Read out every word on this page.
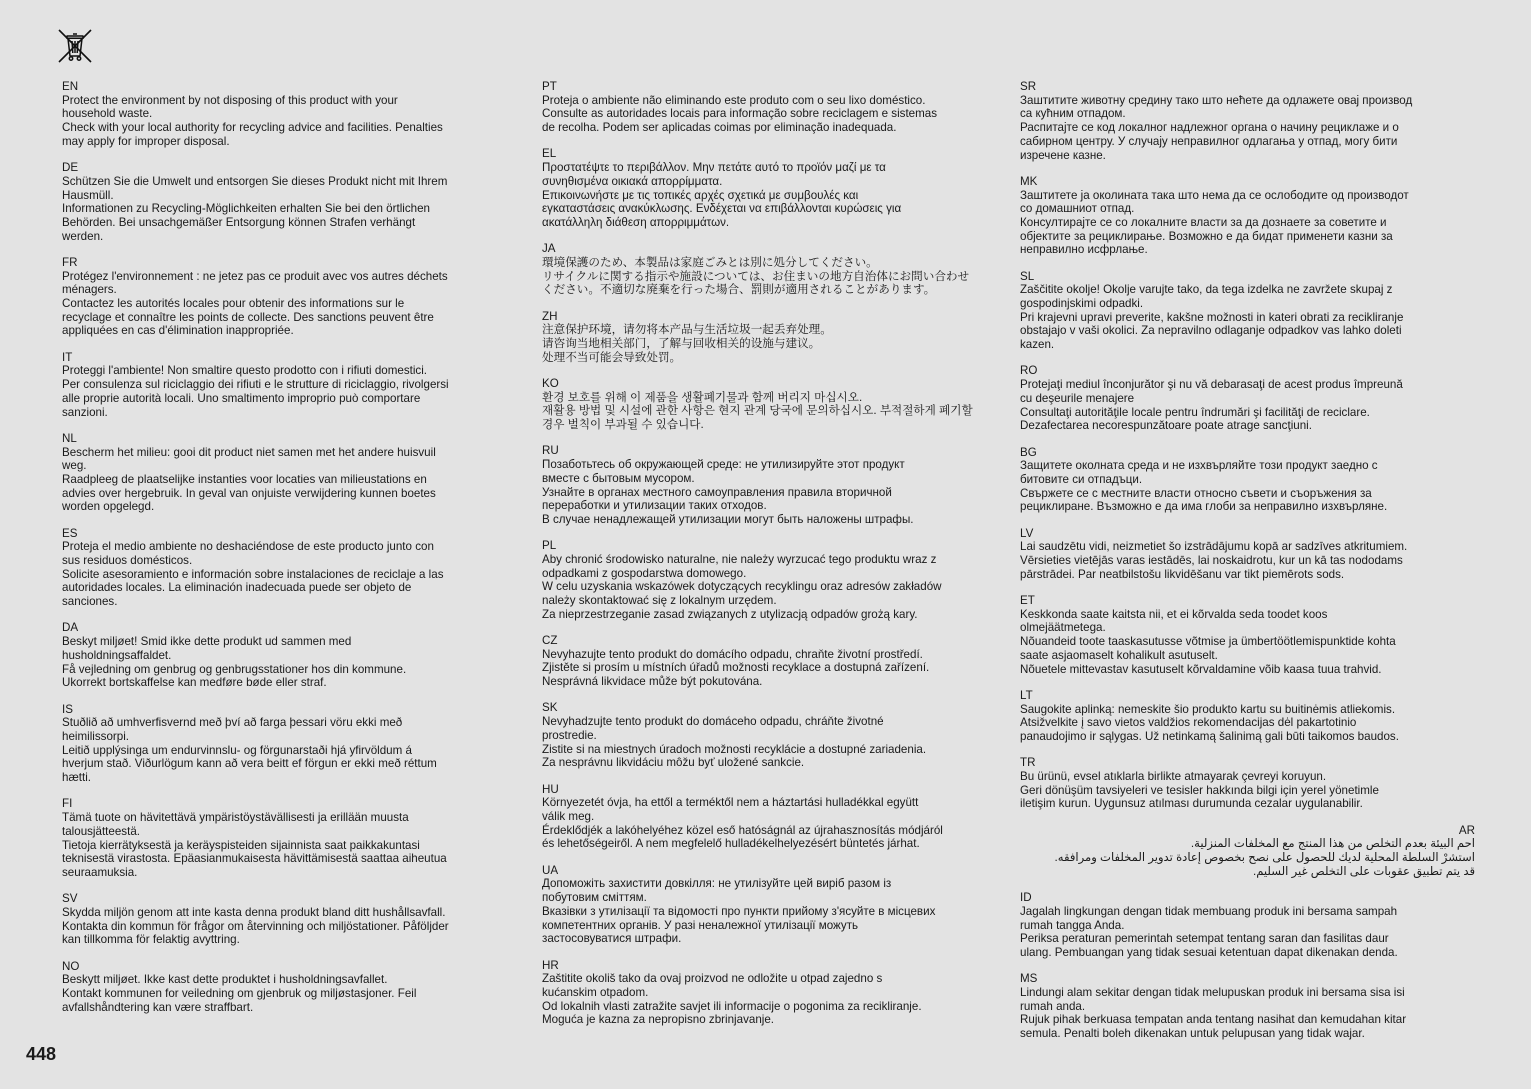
EN
Protect the environment by not disposing of this product with your
household waste.
Check with your local authority for recycling advice and facilities. Penalties
may apply for improper disposal.
DE
Schützen Sie die Umwelt und entsorgen Sie dieses Produkt nicht mit Ihrem
Hausmüll.
Informationen zu Recycling-Möglichkeiten erhalten Sie bei den örtlichen
Behörden. Bei unsachgemäßer Entsorgung können Strafen verhängt
werden.
FR
Protégez l'environnement : ne jetez pas ce produit avec vos autres déchets
ménagers.
Contactez les autorités locales pour obtenir des informations sur le
recyclage et connaître les points de collecte. Des sanctions peuvent être
appliquées en cas d'élimination inappropriée.
IT
Proteggi l'ambiente! Non smaltire questo prodotto con i rifiuti domestici.
Per consulenza sul riciclaggio dei rifiuti e le strutture di riciclaggio, rivolgersi
alle proprie autorità locali. Uno smaltimento improprio può comportare
sanzioni.
NL
Bescherm het milieu: gooi dit product niet samen met het andere huisvuil
weg.
Raadpleeg de plaatselijke instanties voor locaties van milieustations en
advies over hergebruik. In geval van onjuiste verwijdering kunnen boetes
worden opgelegd.
ES
Proteja el medio ambiente no deshaciéndose de este producto junto con
sus residuos domésticos.
Solicite asesoramiento e información sobre instalaciones de reciclaje a las
autoridades locales. La eliminación inadecuada puede ser objeto de
sanciones.
DA
Beskyt miljøet! Smid ikke dette produkt ud sammen med
husholdningsaffaldet.
Få vejledning om genbrug og genbrugsstationer hos din kommune.
Ukorrekt bortskaffelse kan medføre bøde eller straf.
IS
Stuðlið að umhverfisvernd með því að farga þessari vöru ekki með
heimilissorpi.
Leitið upplýsinga um endurvinnslu- og förgunarstaði hjá yfirvöldum á
hverjum stað. Viðurlögum kann að vera beitt ef förgun er ekki með réttum
hætti.
FI
Tämä tuote on hävitettävä ympäristöystävällisesti ja erillään muusta
talousjätteestä.
Tietoja kierrätyksestä ja keräyspisteiden sijainnista saat paikkakuntasi
teknisestä virastosta. Epäasianmukaisesta hävittämisestä saattaa aiheutua
seuraamuksia.
SV
Skydda miljön genom att inte kasta denna produkt bland ditt hushållsavfall.
Kontakta din kommun för frågor om återvinning och miljöstationer. Påföljder
kan tillkomma för felaktig avyttring.
NO
Beskytt miljøet. Ikke kast dette produktet i husholdningsavfallet.
Kontakt kommunen for veiledning om gjenbruk og miljøstasjoner. Feil
avfallshåndtering kan være straffbart.
PT
Proteja o ambiente não eliminando este produto com o seu lixo doméstico.
Consulte as autoridades locais para informação sobre reciclagem e sistemas
de recolha. Podem ser aplicadas coimas por eliminação inadequada.
EL
Προστατέψτε το περιβάλλον. Μην πετάτε αυτό το προϊόν μαζί με τα
συνηθισμένα οικιακά απορρίμματα.
Επικοινωνήστε με τις τοπικές αρχές σχετικά με συμβουλές και
εγκαταστάσεις ανακύκλωσης. Ενδέχεται να επιβάλλονται κυρώσεις για
ακατάλληλη διάθεση απορριμμάτων.
JA
環境保護のため、本製品は家庭ごみとは別に処分してください。
リサイクルに関する指示や施設については、お住まいの地方自治体にお問い合わせ
ください。不適切な廃棄を行った場合、罰則が適用されることがあります。
ZH
注意保护环境，请勿将本产品与生活垃圾一起丢弃处理。
请咨询当地相关部门，了解与回收相关的设施与建议。
处理不当可能会导致处罚。
KO
환경 보호를 위해 이 제품을 생활폐기물과 함께 버리지 마십시오.
재활용 방법 및 시설에 관한 사항은 현지 관계 당국에 문의하십시오. 부적절하게 폐기할
경우 벌칙이 부과될 수 있습니다.
RU
Позаботьтесь об окружающей среде: не утилизируйте этот продукт
вместе с бытовым мусором.
Узнайте в органах местного самоуправления правила вторичной
переработки и утилизации таких отходов.
В случае ненадлежащей утилизации могут быть наложены штрафы.
PL
Aby chronić środowisko naturalne, nie należy wyrzucać tego produktu wraz z
odpadkami z gospodarstwa domowego.
W celu uzyskania wskazówek dotyczących recyklingu oraz adresów zakładów
należy skontaktować się z lokalnym urzędem.
Za nieprzestrzeganie zasad związanych z utylizacją odpadów grożą kary.
CZ
Nevyhazujte tento produkt do domácího odpadu, chraňte životní prostředí.
Zjistěte si prosím u místních úřadů možnosti recyklace a dostupná zařízení.
Nesprávná likvidace může být pokutována.
SK
Nevyhadzujte tento produkt do domáceho odpadu, chráňte životné
prostredie.
Zistite si na miestnych úradoch možnosti recyklácie a dostupné zariadenia.
Za nesprávnu likvidáciu môžu byť uložené sankcie.
HU
Környezetét óvja, ha ettől a terméktől nem a háztartási hulladékkal együtt
válik meg.
Érdeklődjék a lakóhelyéhez közel eső hatóságnál az újrahasznosítás módjáról
és lehetőségeiről. A nem megfelelő hulladékelhelyezésért büntetés járhat.
UA
Допоможіть захистити довкілля: не утилізуйте цей виріб разом із
побутовим сміттям.
Вказівки з утилізації та відомості про пункти прийому з'ясуйте в місцевих
компетентних органів. У разі неналежної утилізації можуть
застосовуватися штрафи.
HR
Zaštitite okoliš tako da ovaj proizvod ne odložite u otpad zajedno s
kućanskim otpadom.
Od lokalnih vlasti zatražite savjet ili informacije o pogonima za recikliranje.
Moguća je kazna za nepropisno zbrinjavanje.
SR
Заштитите животну средину тако што нећете да одлажете овај производ
са кућним отпадом.
Распитајте се код локалног надлежног органа о начину рециклаже и о
сабирном центру. У случају неправилног одлагања у отпад, могу бити
изречене казне.
MK
Заштитете ја околината така што нема да се ослободите од производот
со домашниот отпад.
Консултирајте се со локалните власти за да дознаете за советите и
објектите за рециклирање. Возможно е да бидат применети казни за
неправилно исфрлање.
SL
Zaščitite okolje! Okolje varujte tako, da tega izdelka ne zavržete skupaj z
gospodinjskimi odpadki.
Pri krajevni upravi preverite, kakšne možnosti in kateri obrati za recikliranje
obstajajo v vaši okolici. Za nepravilno odlaganje odpadkov vas lahko doleti
kazen.
RO
Protejaţi mediul înconjurător şi nu vă debarasaţi de acest produs împreună
cu deşeurile menajere
Consultaţi autorităţile locale pentru îndrumări şi facilităţi de reciclare.
Dezafectarea necorespunzătoare poate atrage sancţiuni.
BG
Защитете околната среда и не изхвърляйте този продукт заедно с
битовите си отпадъци.
Свържете се с местните власти относно съвети и съоръжения за
рециклиране. Възможно е да има глоби за неправилно изхвърляне.
LV
Lai saudzētu vidi, neizmetiet šo izstrādājumu kopā ar sadzīves atkritumiem.
Vērsieties vietējās varas iestādēs, lai noskaidrotu, kur un kā tas nododams
pārstrādei. Par neatbilstošu likvidēšanu var tikt piemērots sods.
ET
Keskkonda saate kaitsta nii, et ei kõrvalda seda toodet koos
olmejäätmetega.
Nõuandeid toote taaskasutusse võtmise ja ümbertöötlemispunktide kohta
saate asjaomaselt kohalikult asutuselt.
Nõuetele mittevastav kasutuselt kõrvaldamine võib kaasa tuua trahvid.
LT
Saugokite aplinką: nemeskite šio produkto kartu su buitinėmis atliekomis.
Atsižvelkite į savo vietos valdžios rekomendacijas dėl pakartotinio
panaudojimo ir sąlygas. Už netinkamą šalinimą gali būti taikomos baudos.
TR
Bu ürünü, evsel atıklarla birlikte atmayarak çevreyi koruyun.
Geri dönüşüm tavsiyeleri ve tesisler hakkında bilgi için yerel yönetimle
iletişim kurun. Uygunsuz atılması durumunda cezalar uygulanabilir.
AR
احم البيئة بعدم التخلص من هذا المنتج مع المخلفات المنزلية.
استشرْ السلطة المحلية لديك للحصول على نصح بخصوص إعادة تدوير المخلفات ومرافقه.
قد يتم تطبيق عقوبات على التخلص غير السليم.
ID
Jagalah lingkungan dengan tidak membuang produk ini bersama sampah
rumah tangga Anda.
Periksa peraturan pemerintah setempat tentang saran dan fasilitas daur
ulang. Pembuangan yang tidak sesuai ketentuan dapat dikenakan denda.
MS
Lindungi alam sekitar dengan tidak melupuskan produk ini bersama sisa isi
rumah anda.
Rujuk pihak berkuasa tempatan anda tentang nasihat dan kemudahan kitar
semula. Penalti boleh dikenakan untuk pelupusan yang tidak wajar.
448
